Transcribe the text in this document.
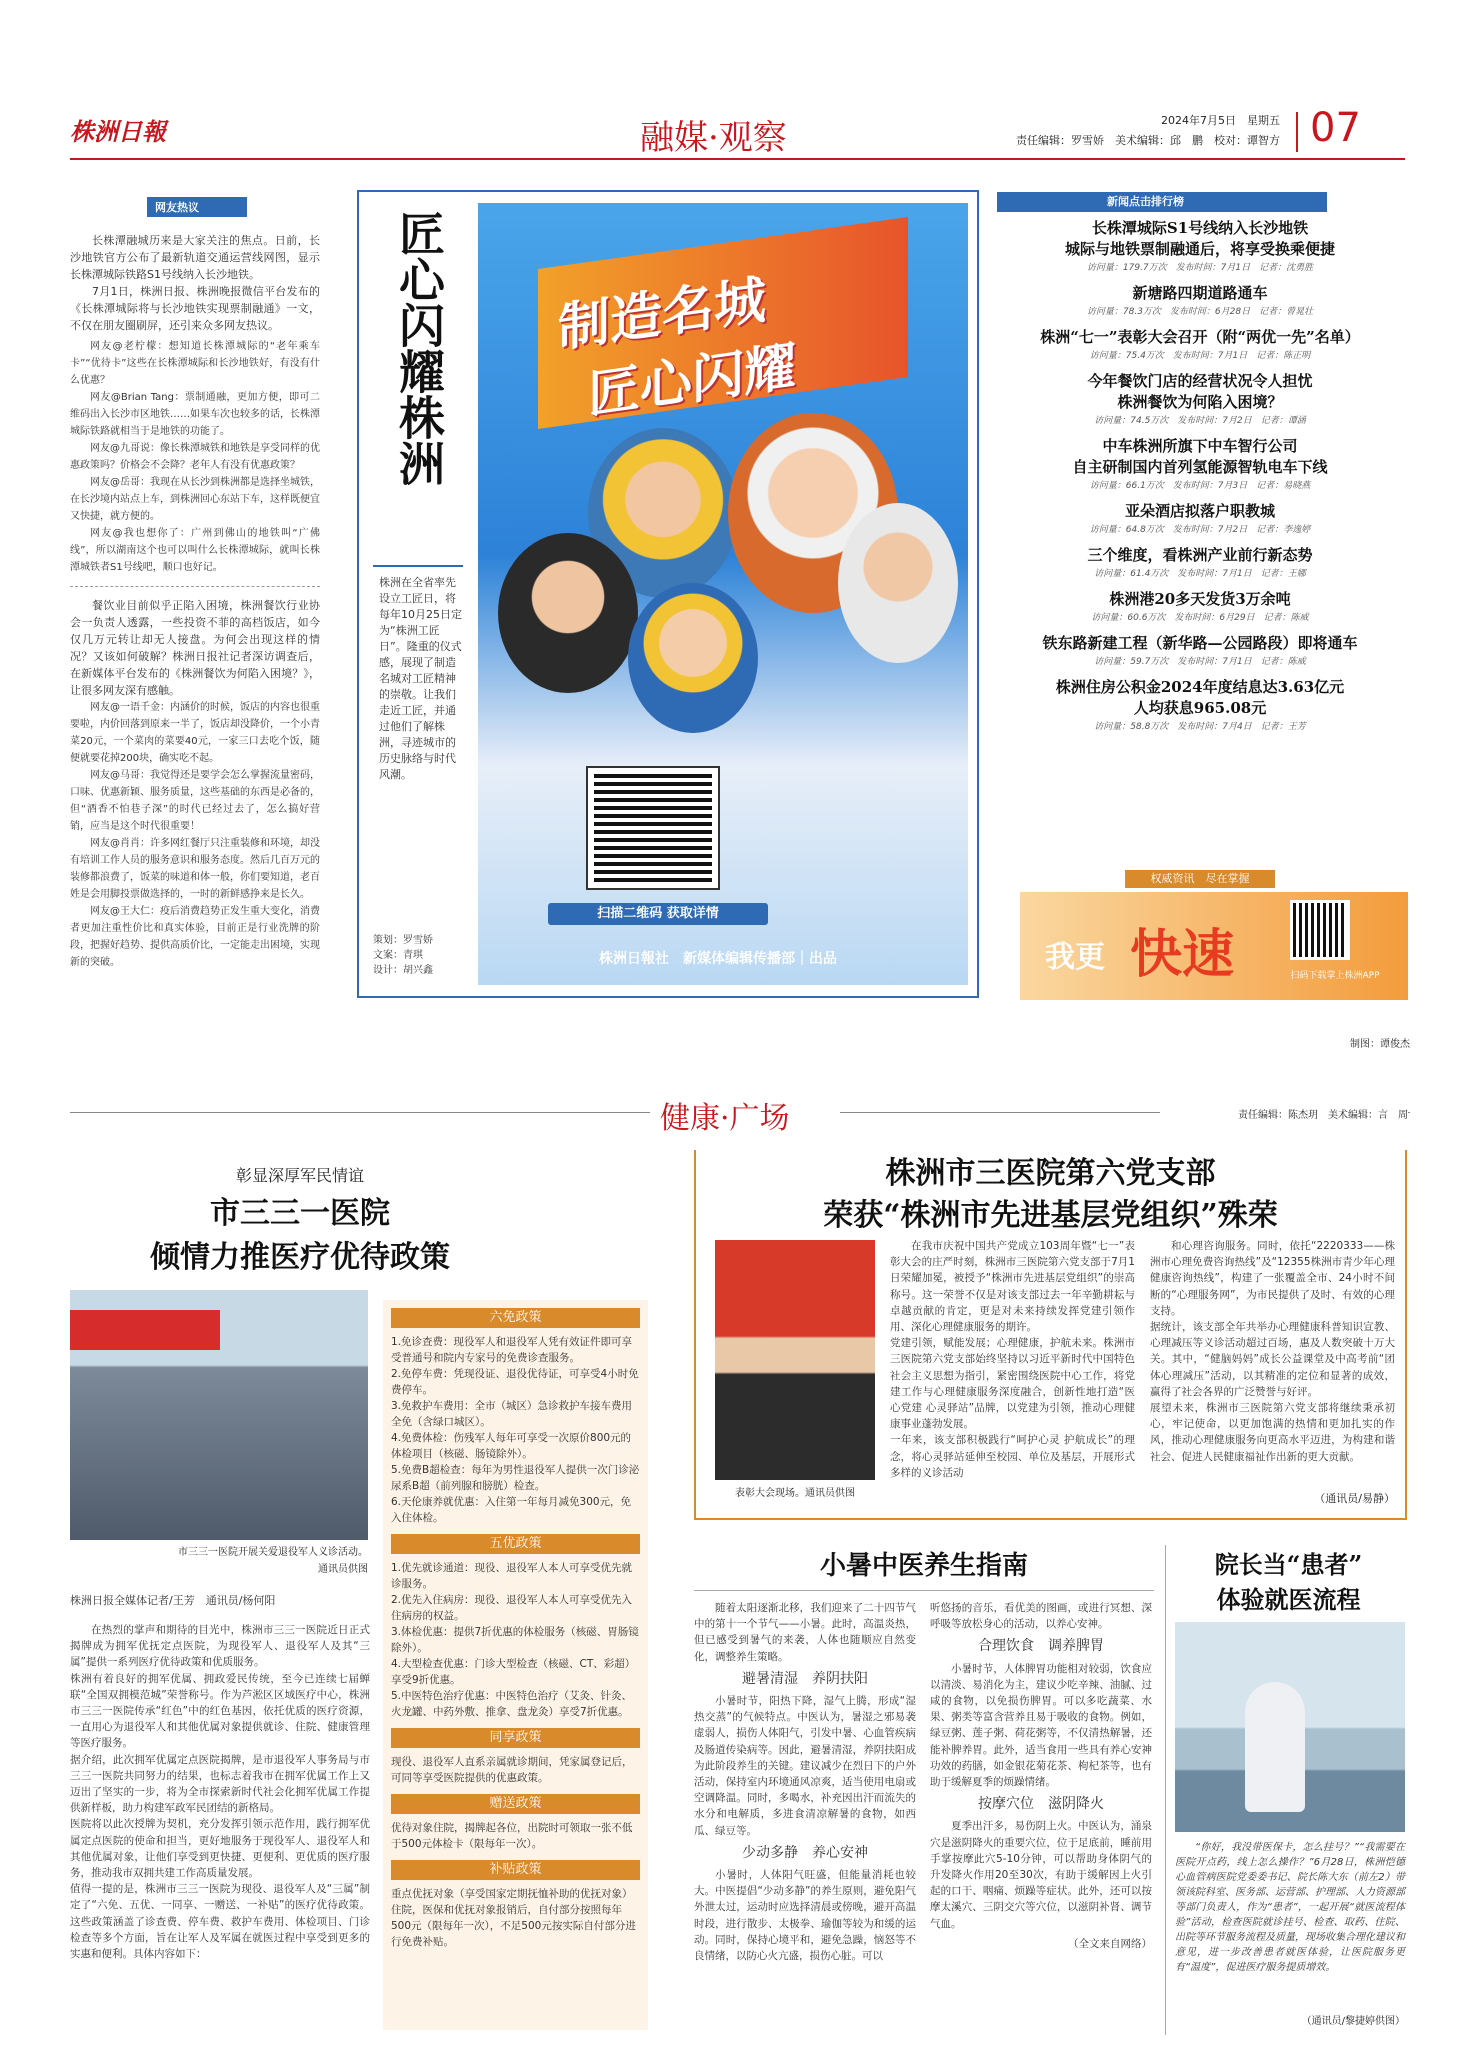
株洲日報	融媒·观察	2024年7月5日　星期五
责任编辑：罗雪娇　美术编辑：邱　鹏　校对：谭智方 07
网友热议

长株潭融城历来是大家关注的焦点。日前，长沙地铁官方公布了最新轨道交通运营线网图，显示长株潭城际铁路S1号线纳入长沙地铁。

7月1日，株洲日报、株洲晚报微信平台发布的《长株潭城际将与长沙地铁实现票制融通》一文，不仅在朋友圈刷屏，还引来众多网友热议。

网友@老柠檬：想知道长株潭城际的“老年乘车卡”“优待卡”这些在长株潭城际和长沙地铁好，有没有什么优惠？

网友@Brian Tang：票制通融，更加方便，即可二维码出入长沙市区地铁……如果车次也较多的话，长株潭城际铁路就相当于是地铁的功能了。

网友@九哥说：像长株潭城铁和地铁是享受同样的优惠政策吗？价格会不会降？老年人有没有优惠政策？

网友@岳哥：我现在从长沙到株洲都是选择坐城铁，在长沙境内站点上车，到株洲回心东站下车，这样既便宜又快捷，就方便的。

网友@我也想你了：广州到佛山的地铁叫“广佛线”，所以湖南这个也可以叫什么长株潭城际，就叫长株潭城铁者S1号线吧，顺口也好记。

餐饮业目前似乎正陷入困境，株洲餐饮行业协会一负责人透露，一些投资不菲的高档饭店，如今仅几万元转让却无人接盘。为何会出现这样的情况？又该如何破解？株洲日报社记者深访调查后，在新媒体平台发布的《株洲餐饮为何陷入困境？》，让很多网友深有感触。

网友@一语千金：内涵价的时候，饭店的内容也很重要啦，内价回落到原来一半了，饭店却没降价，一个小青菜20元，一个菜肉的菜要40元，一家三口去吃个饭，随便就要花掉200块，确实吃不起。

网友@马哥：我觉得还是要学会怎么掌握流量密码，口味、优惠新颖、服务质量，这些基础的东西是必备的，但“酒香不怕巷子深”的时代已经过去了，怎么搞好营销，应当是这个时代很重要！

网友@肖肖：许多网红餐厅只注重装修和环境，却没有培训工作人员的服务意识和服务态度。然后几百万元的装修都浪费了，饭菜的味道和体一般，你们要知道，老百姓是会用脚投票做选择的，一时的新鲜感挣来是长久。

网友@王大仁：疫后消费趋势正发生重大变化，消费者更加注重性价比和真实体验，目前正是行业洗牌的阶段，把握好趋势、提供高质价比，一定能走出困境，实现新的突破。

匠心闪耀株洲
株洲在全省率先设立工匠日，将每年10月25日定为“株洲工匠日”。隆重的仪式感，展现了制造名城对工匠精神的崇敬。让我们走近工匠，并通过他们了解株洲，寻迹城市的历史脉络与时代风潮。
策划：罗雪娇
文案：青琪
设计：胡兴鑫
制造名城
匠心闪耀
扫描二维码 获取详情
株洲日報社　新媒体编辑传播部｜出品
新闻点击排行榜
长株潭城际S1号线纳入长沙地铁
城际与地铁票制融通后，将享受换乘便捷
访问量：179.7万次　发布时间：7月1日　记者：沈勇胜
新塘路四期道路通车
访问量：78.3万次　发布时间：6月28日　记者：曾晁壮
株洲“七一”表彰大会召开（附“两优一先”名单）
访问量：75.4万次　发布时间：7月1日　记者：陈正明
今年餐饮门店的经营状况令人担忧
株洲餐饮为何陷入困境？
访问量：74.5万次　发布时间：7月2日　记者：谭涵
中车株洲所旗下中车智行公司
自主研制国内首列氢能源智轨电车下线
访问量：66.1万次　发布时间：7月3日　记者：易晓燕
亚朵酒店拟落户职教城
访问量：64.8万次　发布时间：7月2日　记者：李逸婷
三个维度，看株洲产业前行新态势
访问量：61.4万次　发布时间：7月1日　记者：王娜
株洲港20多天发货3万余吨
访问量：60.6万次　发布时间：6月29日　记者：陈威
铁东路新建工程（新华路—公园路段）即将通车
访问量：59.7万次　发布时间：7月1日　记者：陈威
株洲住房公积金2024年度结息达3.63亿元
人均获息965.08元
访问量：58.8万次　发布时间：7月4日　记者：王芳
权威资讯　尽在掌握
我更 快速	扫码下载掌上株洲APP
制图：谭俊杰
健康·广场	责任编辑：陈杰玥　美术编辑：言　周
彰显深厚军民情谊
市三三一医院
倾情力推医疗优待政策
市三三一医院开展关爱退役军人义诊活动。
通讯员供图
株洲日报全媒体记者/王芳　通讯员/杨何阳
在热烈的掌声和期待的目光中，株洲市三三一医院近日正式揭牌成为拥军优抚定点医院，为现役军人、退役军人及其“三属”提供一系列医疗优待政策和优质服务。
株洲有着良好的拥军优属、拥政爱民传统，至今已连续七届蝉联“全国双拥模范城”荣誉称号。作为芦淞区区域医疗中心，株洲市三三一医院传承“红色”中的红色基因，依托优质的医疗资源，一直用心为退役军人和其他优属对象提供就诊、住院、健康管理等医疗服务。
据介绍，此次拥军优属定点医院揭牌，是市退役军人事务局与市三三一医院共同努力的结果，也标志着我市在拥军优属工作上又迈出了坚实的一步，将为全市探索新时代社会化拥军优属工作提供新样板，助力构建军政军民团结的新格局。
医院将以此次授牌为契机，充分发挥引领示范作用，践行拥军优属定点医院的使命和担当，更好地服务于现役军人、退役军人和其他优属对象，让他们享受到更快捷、更便利、更优质的医疗服务，推动我市双拥共建工作高质量发展。
值得一提的是，株洲市三三一医院为现役、退役军人及“三属”制定了“六免、五优、一同享、一赠送、一补贴”的医疗优待政策。这些政策涵盖了诊查费、停车费、救护车费用、体检项目、门诊检查等多个方面，旨在让军人及军属在就医过程中享受到更多的实惠和便利。具体内容如下：
六免政策
1.免诊查费：现役军人和退役军人凭有效证件即可享受普通号和院内专家号的免费诊查服务。
2.免停车费：凭现役证、退役优待证，可享受4小时免费停车。
3.免救护车费用：全市（城区）急诊救护车接车费用全免（含绿口城区）。
4.免费体检：伤残军人每年可享受一次原价800元的体检项目（核磁、肠镜除外）。
5.免费B超检查：每年为男性退役军人提供一次门诊泌尿系B超（前列腺和膀胱）检查。
6.天伦康养就优惠：入住第一年每月减免300元，免入住体检。
五优政策
1.优先就诊通道：现役、退役军人本人可享受优先就诊服务。
2.优先入住病房：现役、退役军人本人可享受优先入住病房的权益。
3.体检优惠：提供7折优惠的体检服务（核磁、胃肠镜除外）。
4.大型检查优惠：门诊大型检查（核磁、CT、彩超）享受9折优惠。
5.中医特色治疗优惠：中医特色治疗（艾灸、针灸、火龙罐、中药外敷、推拿、盘龙灸）享受7折优惠。
同享政策
现役、退役军人直系亲属就诊期间，凭家属登记后，可同等享受医院提供的优惠政策。
赠送政策
优待对象住院，揭牌起各位，出院时可领取一张不低于500元体检卡（限每年一次）。
补贴政策
重点优抚对象（享受国家定期抚恤补助的优抚对象）住院，医保和优抚对象报销后，自付部分按照每年500元（限每年一次），不足500元按实际自付部分进行免费补贴。
株洲市三医院第六党支部
荣获“株洲市先进基层党组织”殊荣
表彰大会现场。通讯员供图
在我市庆祝中国共产党成立103周年暨“七一”表彰大会的庄严时刻，株洲市三医院第六党支部于7月1日荣耀加冕，被授予“株洲市先进基层党组织”的崇高称号。这一荣誉不仅是对该支部过去一年辛勤耕耘与卓越贡献的肯定，更是对未来持续发挥党建引领作用、深化心理健康服务的期许。
党建引领，赋能发展；心理健康，护航未来。株洲市三医院第六党支部始终坚持以习近平新时代中国特色社会主义思想为指引，紧密围绕医院中心工作，将党建工作与心理健康服务深度融合，创新性地打造“医心党建 心灵驿站”品牌，以党建为引领，推动心理健康事业蓬勃发展。
一年来，该支部积极践行“呵护心灵 护航成长”的理念，将心灵驿站延伸至校园、单位及基层，开展形式多样的义诊活动
和心理咨询服务。同时，依托“2220333——株洲市心理免费咨询热线”及“12355株洲市青少年心理健康咨询热线”，构建了一张覆盖全市、24小时不间断的“心理服务网”，为市民提供了及时、有效的心理支持。
据统计，该支部全年共举办心理健康科普知识宣教、心理减压等义诊活动超过百场，惠及人数突破十万大关。其中，“健脑妈妈”成长公益课堂及中高考前“团体心理减压”活动，以其精准的定位和显著的成效，赢得了社会各界的广泛赞誉与好评。
展望未来，株洲市三医院第六党支部将继续秉承初心，牢记使命，以更加饱满的热情和更加扎实的作风，推动心理健康服务向更高水平迈进，为构建和谐社会、促进人民健康福祉作出新的更大贡献。
（通讯员/易静）
小暑中医养生指南

随着太阳逐渐北移，我们迎来了二十四节气中的第十一个节气——小暑。此时，高温炎热，但已感受到暑气的来袭，人体也随顺应自然变化，调整养生策略。

避暑清湿　养阴扶阳

小暑时节，阳热下降，湿气上腾，形成“湿热交蒸”的气候特点。中医认为，暑湿之邪易袭虚弱人，损伤人体阳气，引发中暑、心血管疾病及肠道传染病等。因此，避暑清湿，养阴扶阳成为此阶段养生的关键。建议减少在烈日下的户外活动，保持室内环境通风凉爽，适当使用电扇或空调降温。同时，多喝水，补充因出汗而流失的水分和电解质，多进食清凉解暑的食物，如西瓜、绿豆等。

少动多静　养心安神

小暑时，人体阳气旺盛，但能量消耗也较大。中医提倡“少动多静”的养生原则，避免阳气外泄太过，运动时应选择清晨或傍晚，避开高温时段，进行散步、太极拳、瑜伽等较为和缓的运动。同时，保持心境平和，避免急躁，恼怒等不良情绪，以防心火亢盛，损伤心脏。可以

听悠扬的音乐，看优美的图画，或进行冥想、深呼吸等放松身心的活动，以养心安神。

合理饮食　调养脾胃

小暑时节，人体脾胃功能相对较弱，饮食应以清淡、易消化为主，建议少吃辛辣、油腻、过咸的食物，以免损伤脾胃。可以多吃蔬菜、水果、粥类等富含营养且易于吸收的食物。例如，绿豆粥、莲子粥、荷花粥等，不仅清热解暑，还能补脾养胃。此外，适当食用一些具有养心安神功效的药膳，如金银花菊花茶、枸杞茶等，也有助于缓解夏季的烦躁情绪。

按摩穴位　滋阴降火

夏季出汗多，易伤阴上火。中医认为，涌泉穴是滋阴降火的重要穴位，位于足底前，睡前用手掌按摩此穴5-10分钟，可以帮助身体阴气的升发降火作用20至30次，有助于缓解因上火引起的口干、咽痛、烦躁等症状。此外，还可以按摩太溪穴、三阴交穴等穴位，以滋阴补肾、调节气血。

（全文来自网络）
院长当“患者”
体验就医流程
“你好，我没带医保卡，怎么挂号？”“我需要在医院开点药，线上怎么操作？”6月28日，株洲恺德心血管病医院党委委书记、院长陈大东（前左2）带领该院科室、医务部、运营部、护理部、人力资源部等部门负责人，作为“患者”，一起开展“就医流程体验”活动，检查医院就诊挂号、检查、取药、住院、出院等环节服务流程及质量，现场收集合理化建议和意见，进一步改善患者就医体验，让医院服务更有“温度”，促进医疗服务提质增效。
（通讯员/黎捷婷供图）
